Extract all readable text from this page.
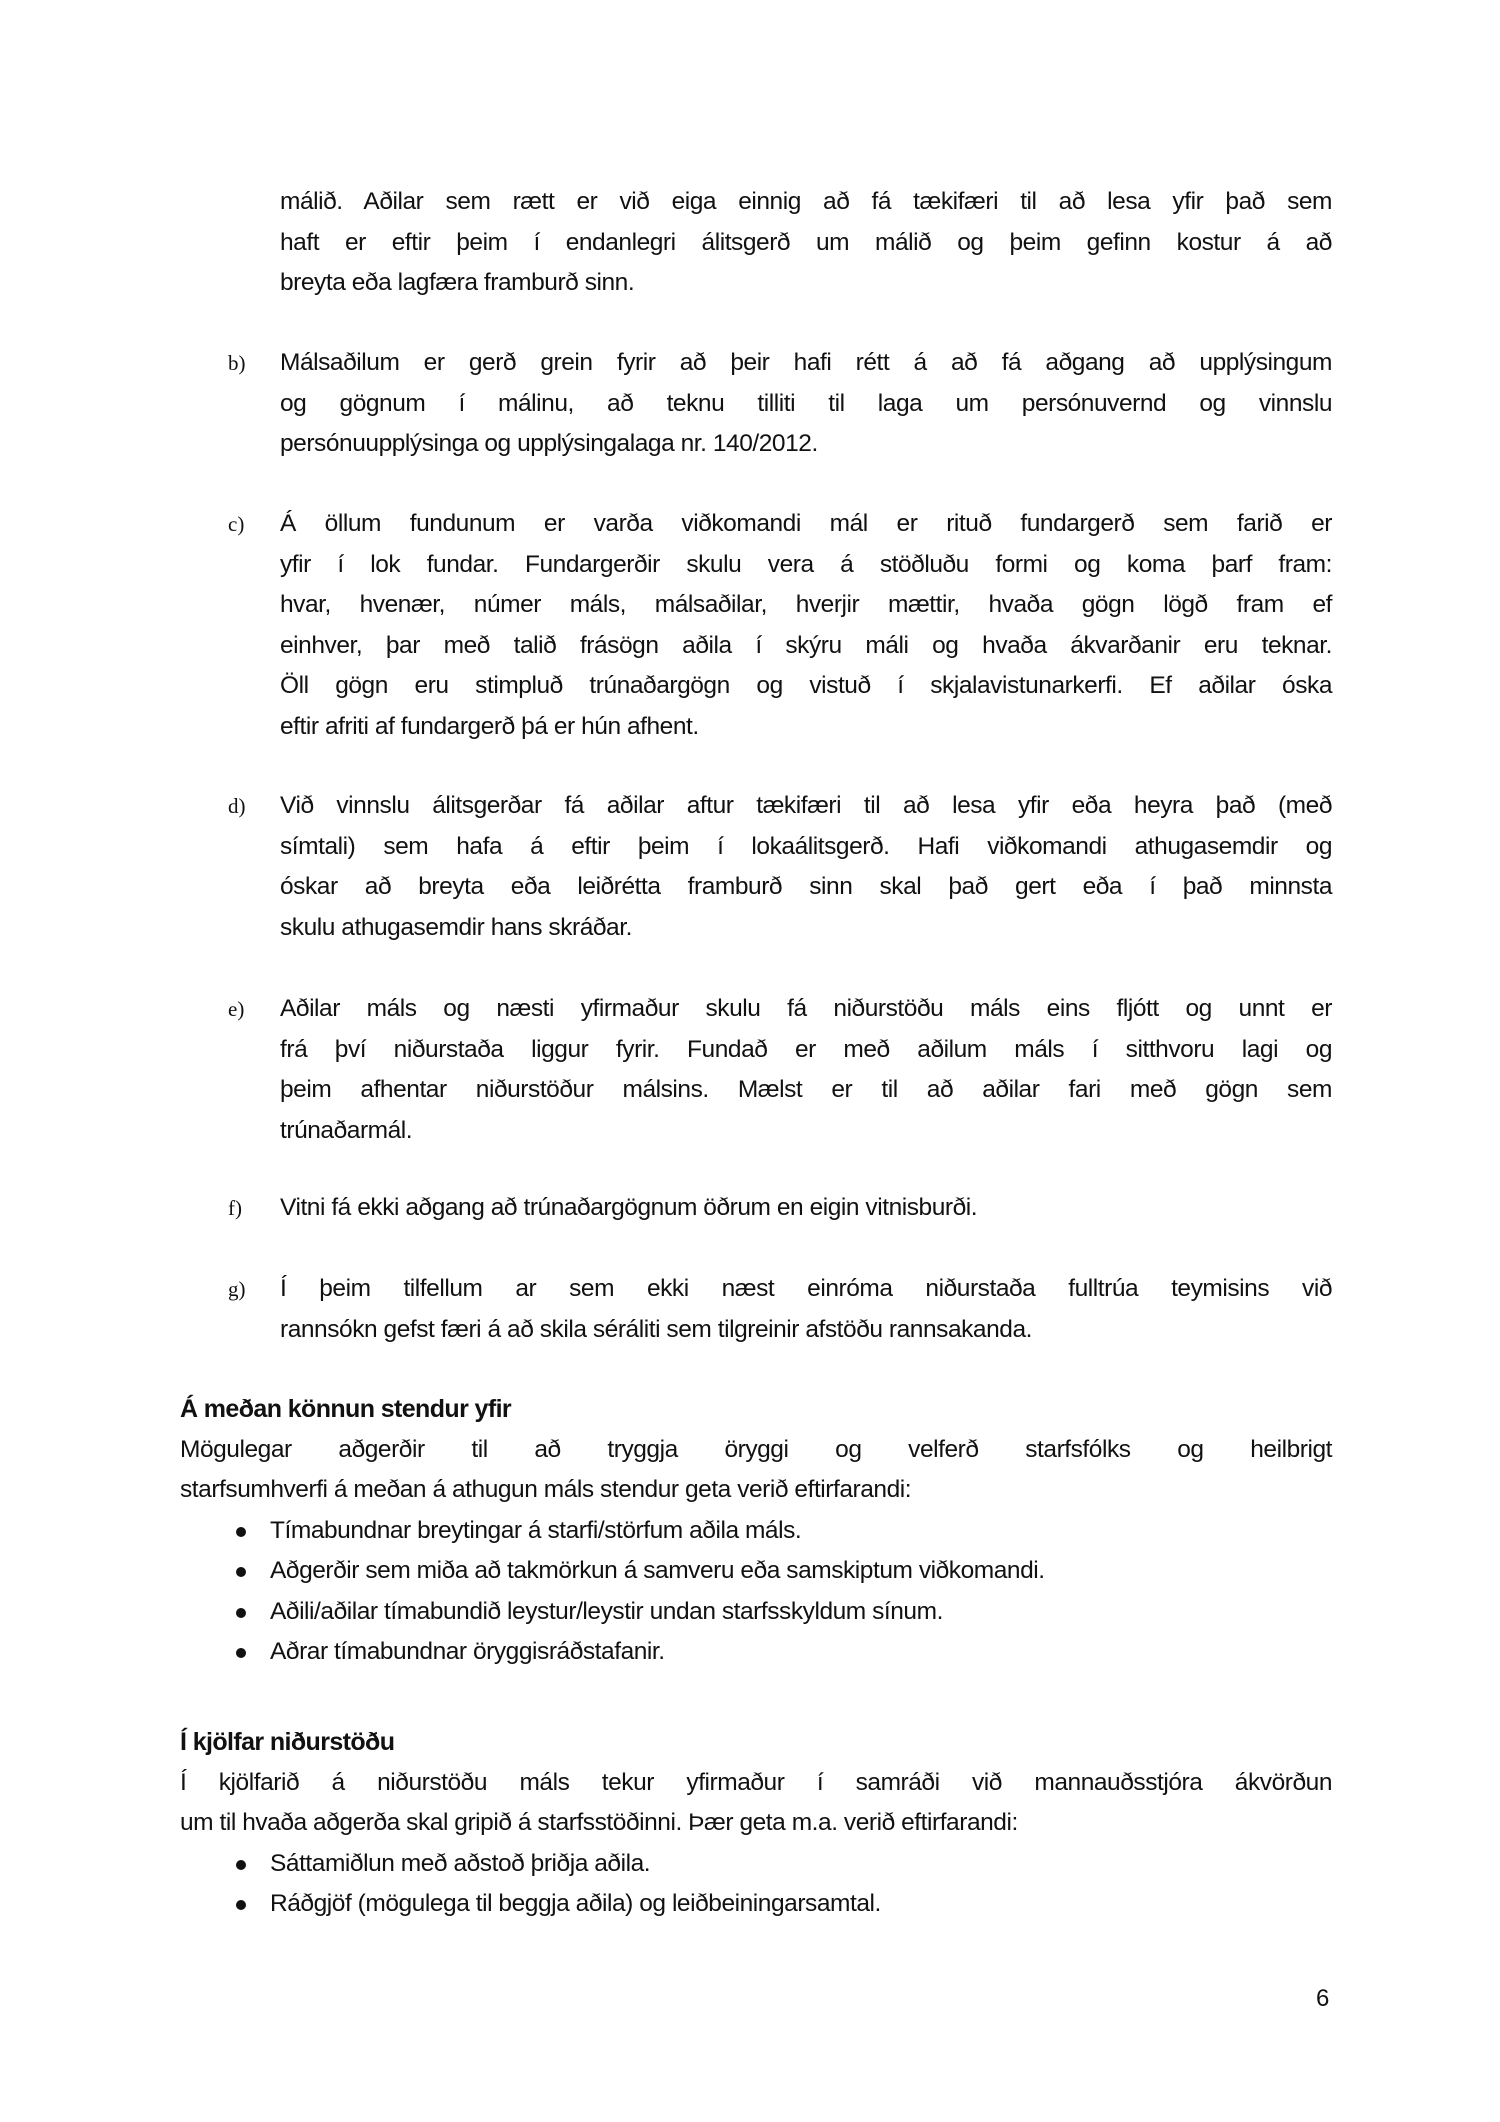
málið. Aðilar sem rætt er við eiga einnig að fá tækifæri til að lesa yfir það sem
haft er eftir þeim í endanlegri álitsgerð um málið og þeim gefinn kostur á að
breyta eða lagfæra framburð sinn.
b) Málsaðilum er gerð grein fyrir að þeir hafi rétt á að fá aðgang að upplýsingum
og gögnum í málinu, að teknu tilliti til laga um persónuvernd og vinnslu
persónuupplýsinga og upplýsingalaga nr. 140/2012.
c) Á öllum fundunum er varða viðkomandi mál er rituð fundargerð sem farið er
yfir í lok fundar. Fundargerðir skulu vera á stöðluðu formi og koma þarf fram:
hvar, hvenær, númer máls, málsaðilar, hverjir mættir, hvaða gögn lögð fram ef
einhver, þar með talið frásögn aðila í skýru máli og hvaða ákvarðanir eru teknar.
Öll gögn eru stimpluð trúnaðargögn og vistuð í skjalavistunarkerfi. Ef aðilar óska
eftir afriti af fundargerð þá er hún afhent.
d) Við vinnslu álitsgerðar fá aðilar aftur tækifæri til að lesa yfir eða heyra það (með
símtali) sem hafa á eftir þeim í lokaálitsgerð. Hafi viðkomandi athugasemdir og
óskar að breyta eða leiðrétta framburð sinn skal það gert eða í það minnsta
skulu athugasemdir hans skráðar.
e) Aðilar máls og næsti yfirmaður skulu fá niðurstöðu máls eins fljótt og unnt er
frá því niðurstaða liggur fyrir. Fundað er með aðilum máls í sitthvoru lagi og
þeim afhentar niðurstöður málsins. Mælst er til að aðilar fari með gögn sem
trúnaðarmál.
f) Vitni fá ekki aðgang að trúnaðargögnum öðrum en eigin vitnisburði.
g) Í þeim tilfellum ar sem ekki næst einróma niðurstaða fulltrúa teymisins við
rannsókn gefst færi á að skila séráliti sem tilgreinir afstöðu rannsakanda.
Á meðan könnun stendur yfir
Mögulegar aðgerðir til að tryggja öryggi og velferð starfsfólks og heilbrigt
starfsumhverfi á meðan á athugun máls stendur geta verið eftirfarandi:
Tímabundnar breytingar á starfi/störfum aðila máls.
Aðgerðir sem miða að takmörkun á samveru eða samskiptum viðkomandi.
Aðili/aðilar tímabundið leystur/leystir undan starfsskyldum sínum.
Aðrar tímabundnar öryggisráðstafanir.
Í kjölfar niðurstöðu
Í kjölfarið á niðurstöðu máls tekur yfirmaður í samráði við mannauðsstjóra ákvörðun
um til hvaða aðgerða skal gripið á starfsstöðinni. Þær geta m.a. verið eftirfarandi:
Sáttamiðlun með aðstoð þriðja aðila.
Ráðgjöf (mögulega til beggja aðila) og leiðbeiningarsamtal.
6
